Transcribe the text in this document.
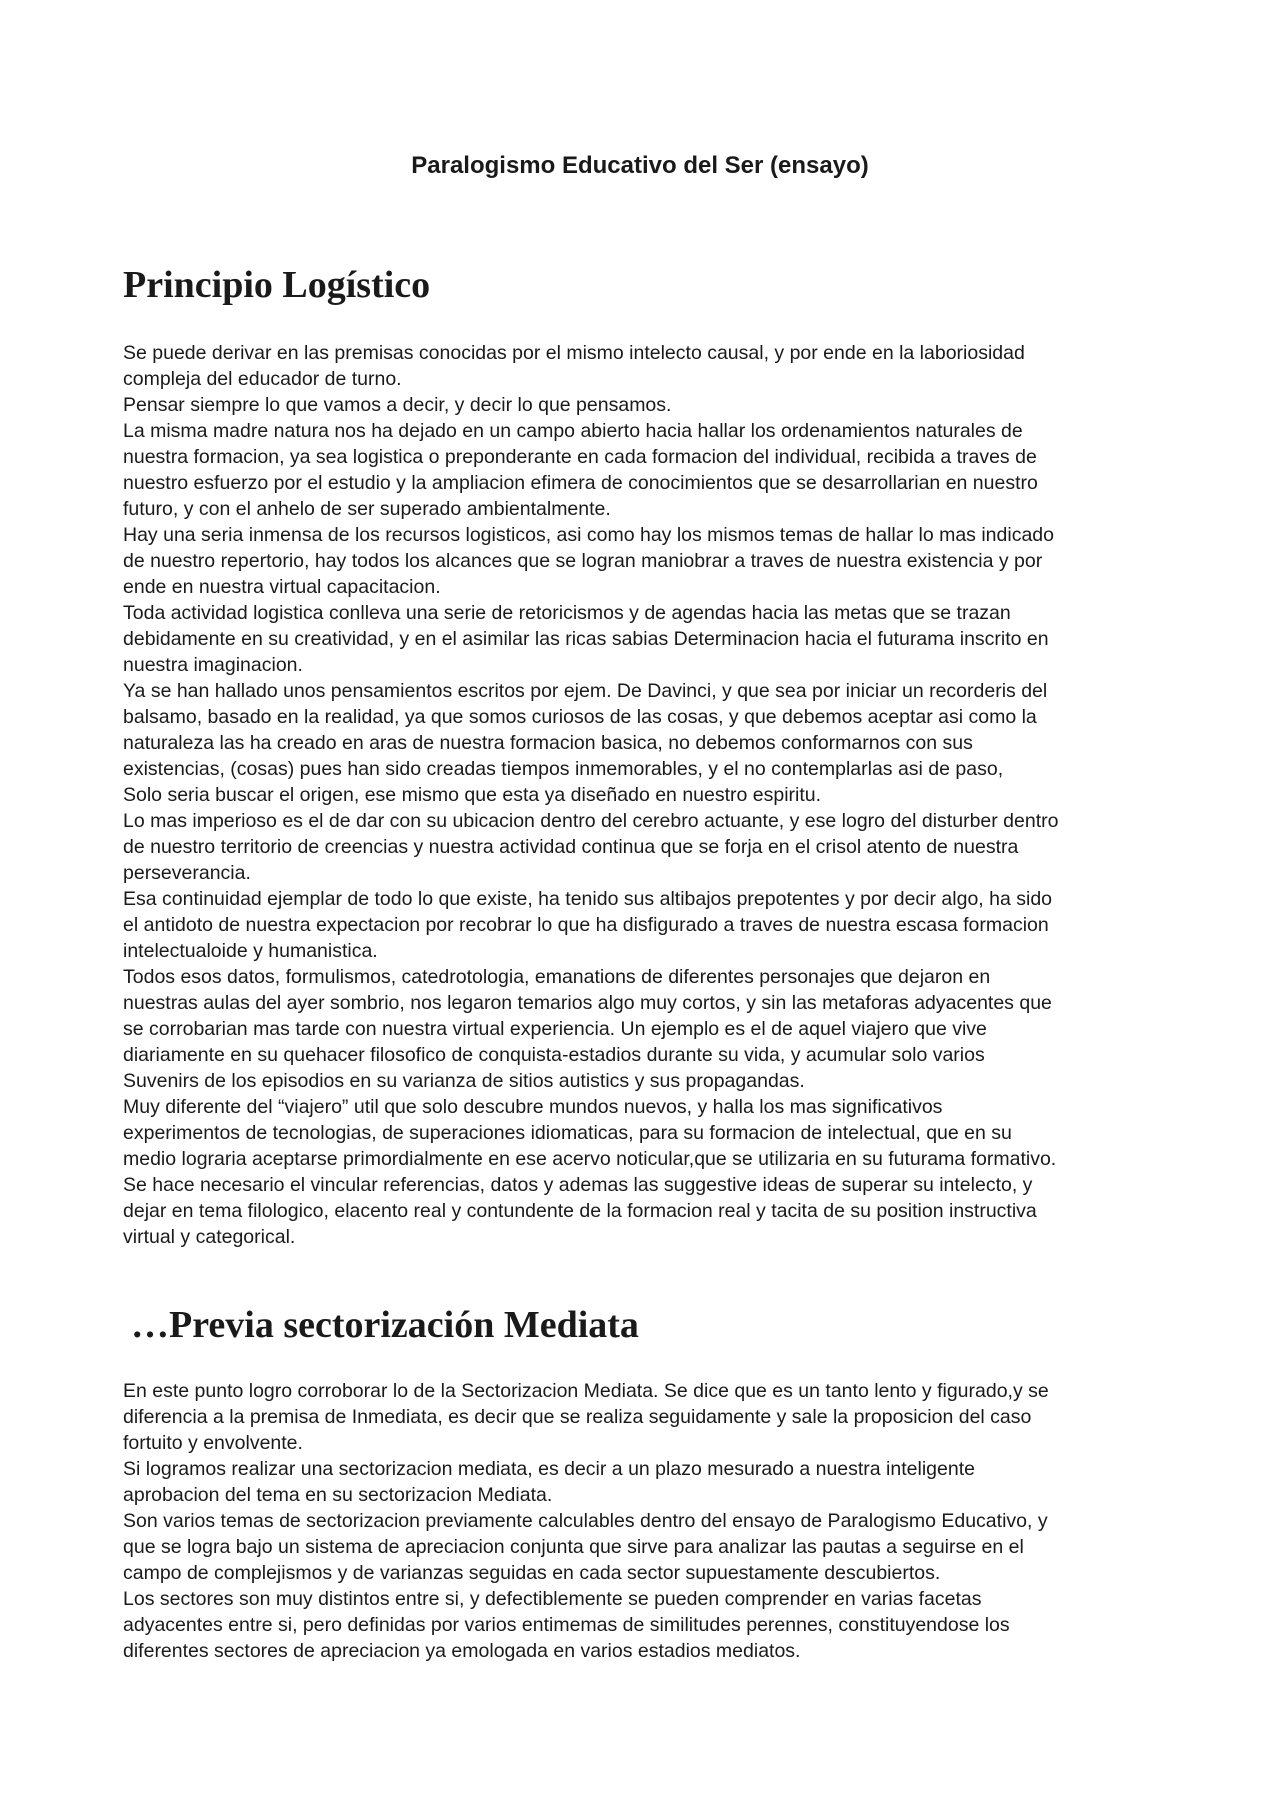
Paralogismo Educativo del Ser (ensayo)
Principio Logístico
Se puede derivar en las premisas conocidas por el mismo intelecto causal, y por ende en la laboriosidad
compleja del educador de turno.
Pensar siempre lo que vamos a decir, y decir lo que pensamos.
La misma madre natura nos ha dejado en un campo abierto hacia hallar los ordenamientos naturales de
nuestra formacion, ya sea logistica o preponderante en cada formacion del individual, recibida a traves de
nuestro esfuerzo por el estudio y la ampliacion efimera de conocimientos que se desarrollarian en nuestro
futuro, y con el anhelo de ser superado ambientalmente.
Hay una seria inmensa de los recursos logisticos, asi como hay los mismos temas de hallar lo mas indicado
de nuestro repertorio, hay todos los alcances que se logran maniobrar a traves de nuestra existencia y por
ende en nuestra virtual capacitacion.
Toda actividad logistica conlleva una serie de retoricismos y de agendas hacia las metas que se trazan
debidamente en su creatividad, y en el asimilar las ricas sabias Determinacion hacia el futurama inscrito en
nuestra imaginacion.
Ya se han hallado unos pensamientos escritos por ejem. De Davinci, y que sea por iniciar un recorderis del
balsamo, basado en la realidad, ya que somos curiosos de las cosas, y que debemos aceptar asi como la
naturaleza las ha creado en aras de nuestra formacion basica, no debemos conformarnos con sus
existencias, (cosas) pues han sido creadas tiempos inmemorables, y el no contemplarlas asi de paso,
Solo seria buscar el origen, ese mismo que esta ya diseñado en nuestro espiritu.
Lo mas imperioso es el de dar con su ubicacion dentro del cerebro actuante, y ese logro del disturber dentro
de nuestro territorio de creencias y nuestra actividad continua que se forja en el crisol atento de nuestra
perseverancia.
Esa continuidad ejemplar de todo lo que existe, ha tenido sus altibajos prepotentes y por decir algo, ha sido
el antidoto de nuestra expectacion por recobrar lo que ha disfigurado a traves de nuestra escasa formacion
intelectualoide y humanistica.
Todos esos datos, formulismos, catedrotologia, emanations de diferentes personajes que dejaron en
nuestras aulas del ayer sombrio, nos legaron temarios algo muy cortos, y sin las metaforas adyacentes que
se corrobarian mas tarde con nuestra virtual experiencia. Un ejemplo es el de aquel viajero que vive
diariamente en su quehacer filosofico de conquista-estadios durante su vida, y acumular solo varios
Suvenirs de los episodios en su varianza de sitios autistics y sus propagandas.
Muy diferente del “viajero” util que solo descubre mundos nuevos, y halla los mas significativos
experimentos de tecnologias, de superaciones idiomaticas, para su formacion de intelectual, que en su
medio lograria aceptarse primordialmente en ese acervo noticular,que se utilizaria en su futurama formativo.
Se hace necesario el vincular referencias, datos y ademas las suggestive ideas de superar su intelecto, y
dejar en tema filologico, elacento real y contundente de la formacion real y tacita de su position instructiva
virtual y categorical.
…Previa sectorización Mediata
En este punto logro corroborar lo de la Sectorizacion Mediata. Se dice que es un tanto lento y figurado,y se
diferencia a la premisa de Inmediata, es decir que se realiza seguidamente y sale la proposicion del caso
fortuito y envolvente.
Si logramos realizar una sectorizacion mediata, es decir a un plazo mesurado a nuestra inteligente
aprobacion del tema en su sectorizacion Mediata.
Son varios temas de sectorizacion previamente calculables dentro del ensayo de Paralogismo Educativo, y
que se logra bajo un sistema de apreciacion conjunta que sirve para analizar las pautas a seguirse en el
campo de complejismos y de varianzas seguidas en cada sector supuestamente descubiertos.
Los sectores son muy distintos entre si, y defectiblemente se pueden comprender en varias facetas
adyacentes entre si, pero definidas por varios entimemas de similitudes perennes, constituyendose los
diferentes sectores de apreciacion ya emologada en varios estadios mediatos.
